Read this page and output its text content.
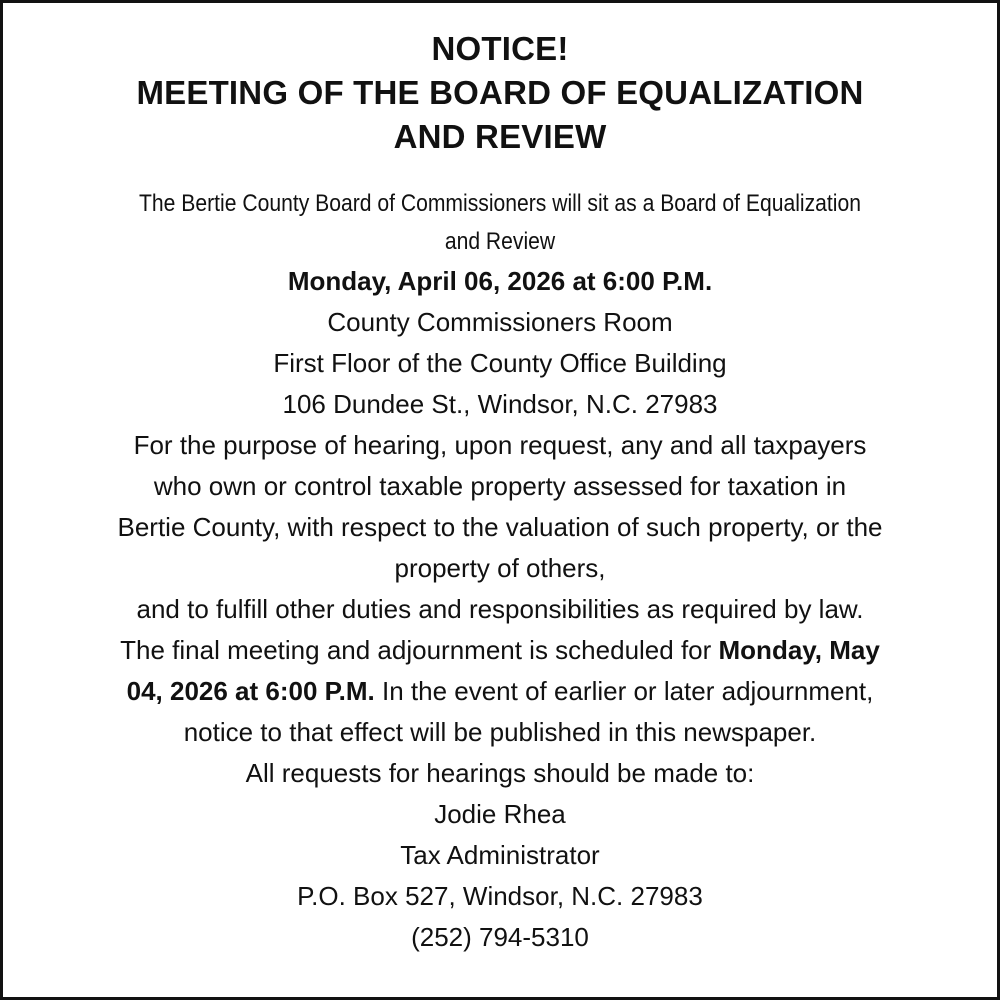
NOTICE!
MEETING OF THE BOARD OF EQUALIZATION
AND REVIEW
The Bertie County Board of Commissioners will sit as a Board of Equalization
and Review
Monday, April 06, 2026 at 6:00 P.M.
County Commissioners Room
First Floor of the County Office Building
106 Dundee St., Windsor, N.C. 27983
For the purpose of hearing, upon request, any and all taxpayers
who own or control taxable property assessed for taxation in
Bertie County, with respect to the valuation of such property, or the
property of others,
and to fulfill other duties and responsibilities as required by law.
The final meeting and adjournment is scheduled for Monday, May
04, 2026 at 6:00 P.M. In the event of earlier or later adjournment,
notice to that effect will be published in this newspaper.
All requests for hearings should be made to:
Jodie Rhea
Tax Administrator
P.O. Box 527, Windsor, N.C. 27983
(252) 794-5310
